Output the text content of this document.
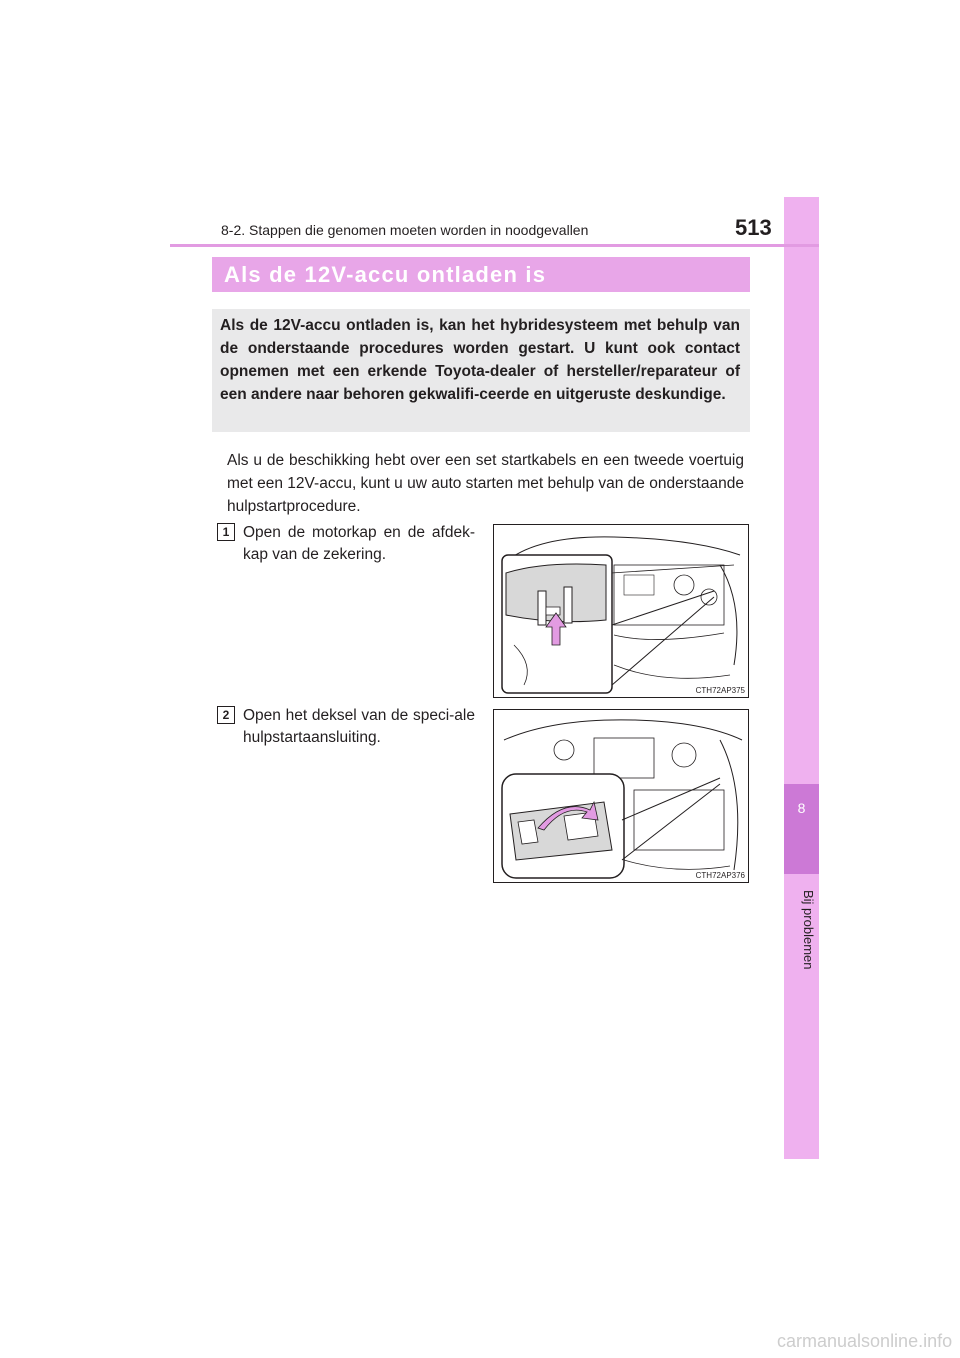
8
Bij problemen
8-2. Stappen die genomen moeten worden in noodgevallen	513
Als de 12V-accu ontladen is

Als de 12V-accu ontladen is, kan het hybridesysteem met behulp van de onderstaande procedures worden gestart. U kunt ook contact opnemen met een erkende Toyota-dealer of hersteller/reparateur of een andere naar behoren gekwalifi-ceerde en uitgeruste deskundige.

Als u de beschikking hebt over een set startkabels en een tweede voertuig met een 12V-accu, kunt u uw auto starten met behulp van de onderstaande hulpstartprocedure.

1 Open de motorkap en de afdek-kap van de zekering.

CTH72AP375
2 Open het deksel van de speci-ale hulpstartaansluiting.

CTH72AP376
carmanualsonline.info
